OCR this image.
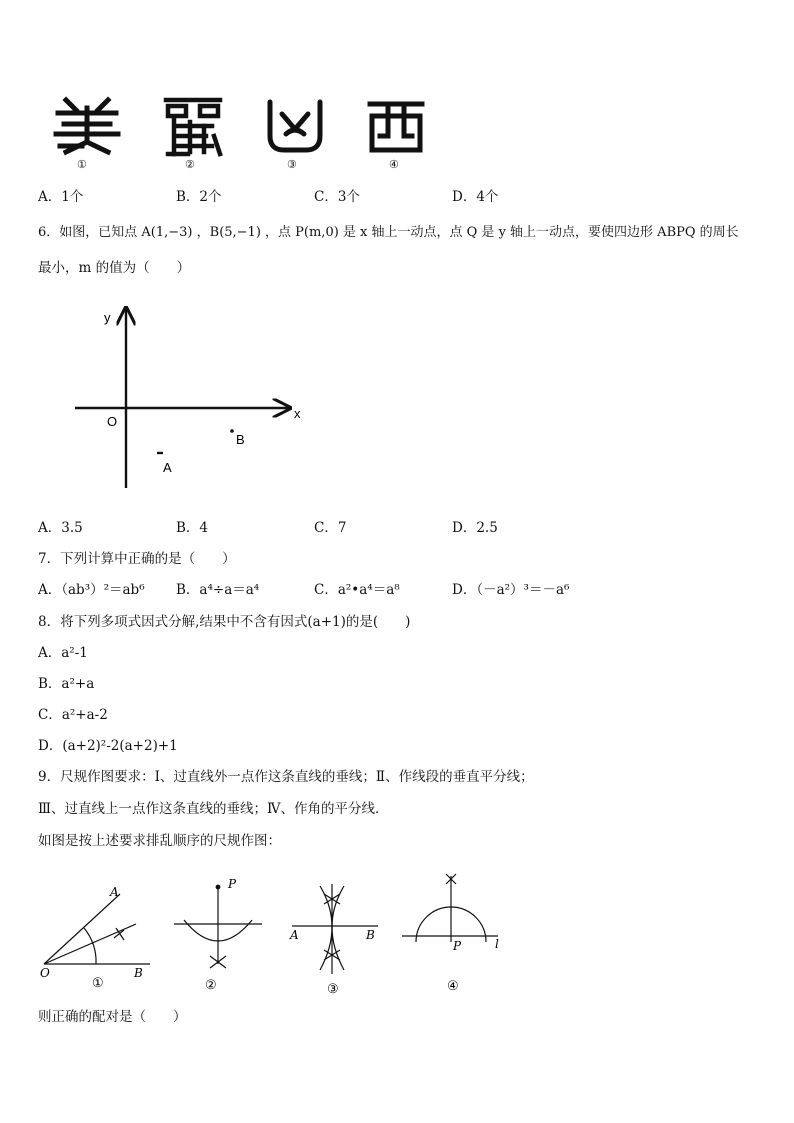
①	②	③	④
A．1个	B．2个	C．3个	D．4个
6．如图，已知点 A(1,−3) ，B(5,−1) ，点 P(m,0) 是 x 轴上一动点，点 Q 是 y 轴上一动点，要使四边形 ABPQ 的周长
最小，m 的值为（　　）
y
x
O
B
A
A．3.5	B．4	C．7	D．2.5
7．下列计算中正确的是（　　）
A．（ab³）²＝ab⁶ B．a⁴÷a＝a⁴	C．a²•a⁴＝a⁸	D．（－a²）³＝－a⁶
8．将下列多项式因式分解,结果中不含有因式(a+1)的是(　　)
A．a²-1
B．a²+a
C．a²+a-2
D．(a+2)²-2(a+2)+1
9．尺规作图要求：Ⅰ、过直线外一点作这条直线的垂线；Ⅱ、作线段的垂直平分线；
Ⅲ、过直线上一点作这条直线的垂线；Ⅳ、作角的平分线．
如图是按上述要求排乱顺序的尺规作图：
A
O	B
①
P
②
A	B
③
P	l
④
则正确的配对是（　　）
